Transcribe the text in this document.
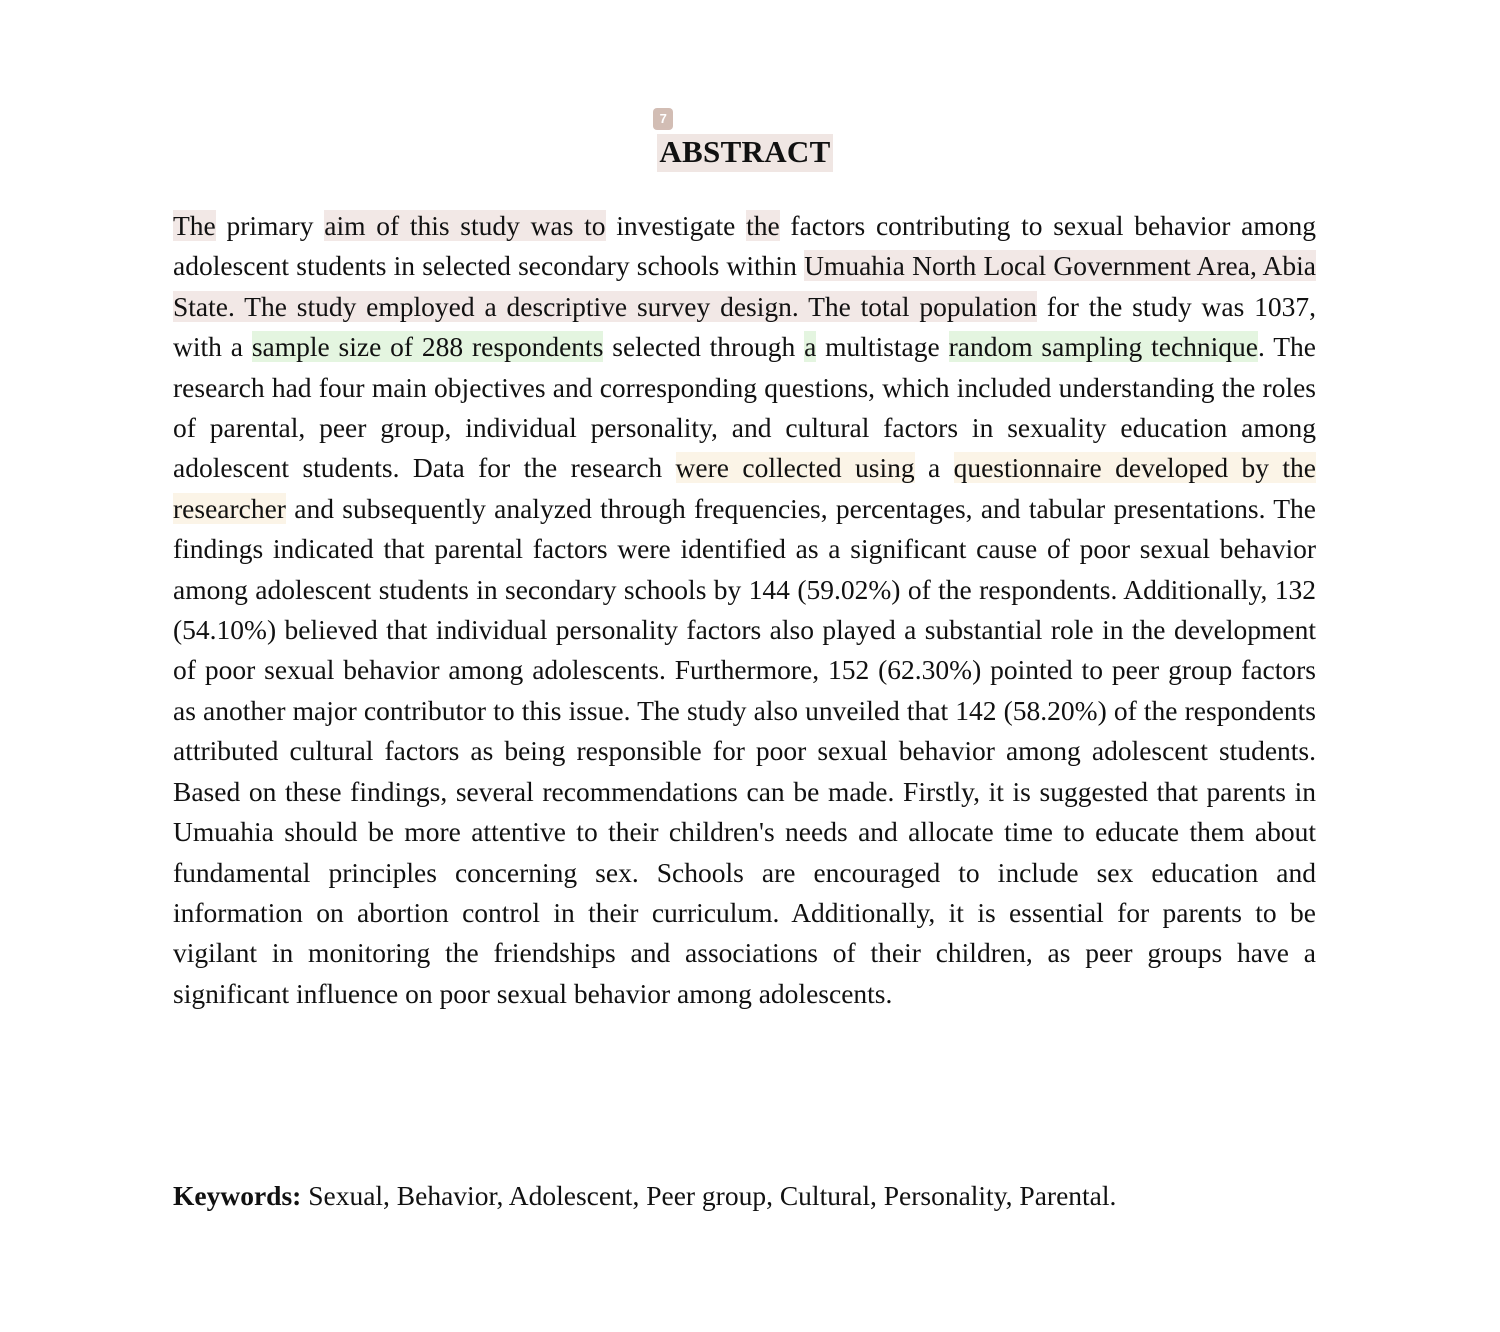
7
ABSTRACT

The primary aim of this study was to investigate the factors contributing to sexual behavior among adolescent students in selected secondary schools within Umuahia North Local Government Area, Abia State. The study employed a descriptive survey design. The total population for the study was 1037, with a sample size of 288 respondents selected through a multistage random sampling technique. The research had four main objectives and corresponding questions, which included understanding the roles of parental, peer group, individual personality, and cultural factors in sexuality education among adolescent students. Data for the research were collected using a questionnaire developed by the researcher and subsequently analyzed through frequencies, percentages, and tabular presentations. The findings indicated that parental factors were identified as a significant cause of poor sexual behavior among adolescent students in secondary schools by 144 (59.02%) of the respondents. Additionally, 132 (54.10%) believed that individual personality factors also played a substantial role in the development of poor sexual behavior among adolescents. Furthermore, 152 (62.30%) pointed to peer group factors as another major contributor to this issue. The study also unveiled that 142 (58.20%) of the respondents attributed cultural factors as being responsible for poor sexual behavior among adolescent students. Based on these findings, several recommendations can be made. Firstly, it is suggested that parents in Umuahia should be more attentive to their children's needs and allocate time to educate them about fundamental principles concerning sex. Schools are encouraged to include sex education and information on abortion control in their curriculum. Additionally, it is essential for parents to be vigilant in monitoring the friendships and associations of their children, as peer groups have a significant influence on poor sexual behavior among adolescents.

Keywords: Sexual, Behavior, Adolescent, Peer group, Cultural, Personality, Parental.
